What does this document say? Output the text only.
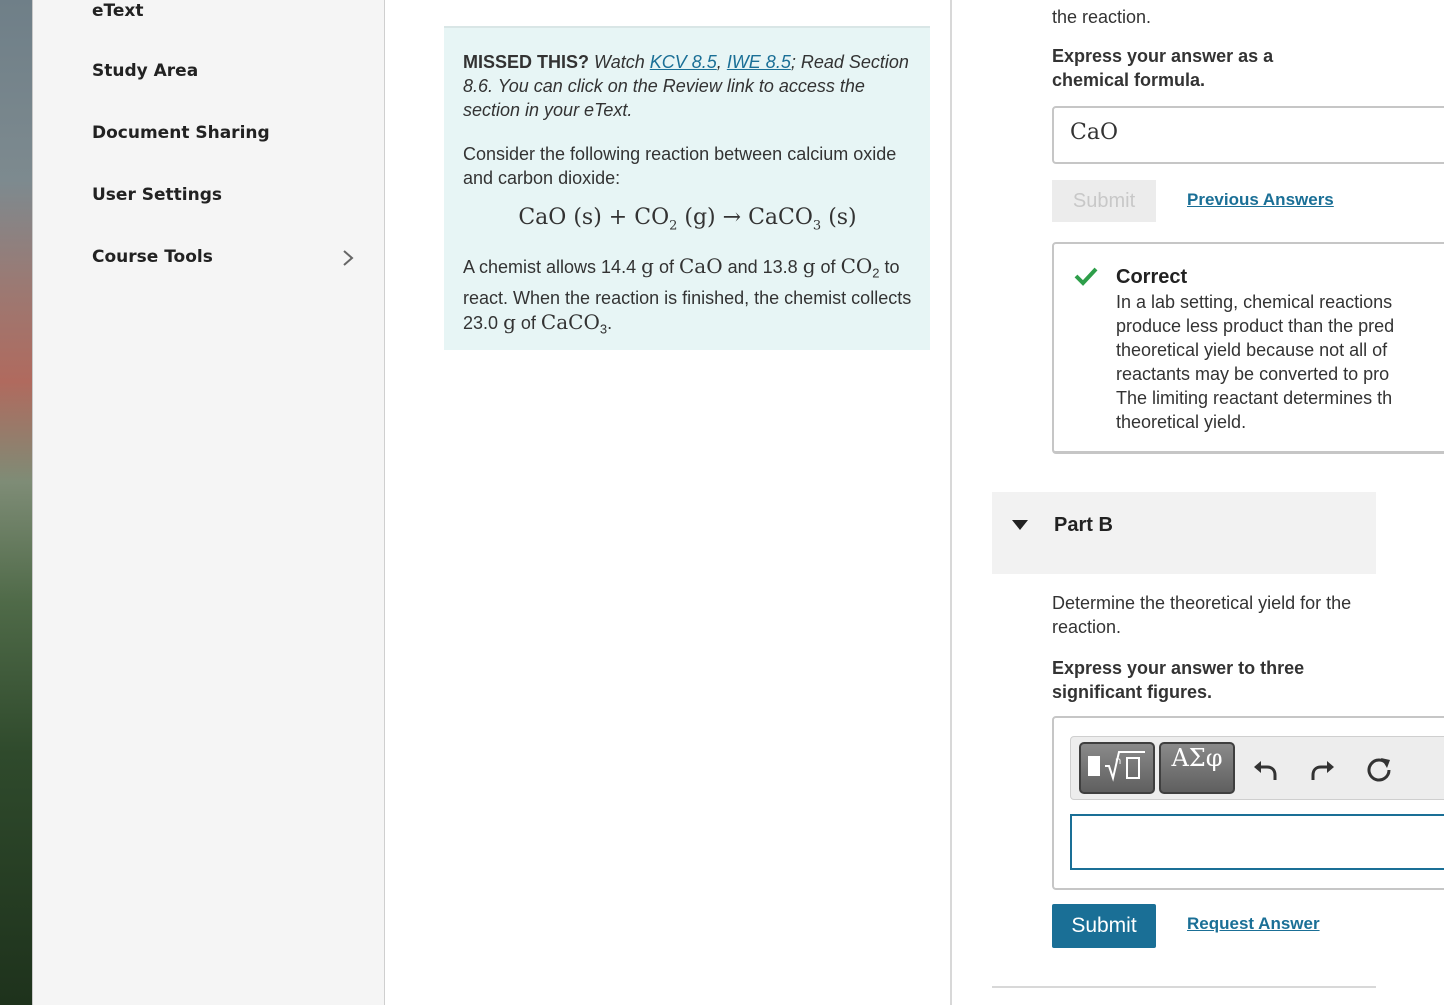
eText
Study Area
Document Sharing
User Settings
Course Tools

MISSED THIS? Watch KCV 8.5, IWE 8.5; Read Section 8.6. You can click on the Review link to access the section in your eText.

Consider the following reaction between calcium oxide and carbon dioxide:

CaO $(s) + CO_2$ (g) → CaCO$_3$ (s)

A chemist allows 14.4 g of CaO and 13.8 g of $CO_2$ to react. When the reaction is finished, the chemist collects 23.0 g of CaCO$_3$.

the reaction.
Express your answer as a chemical formula.
CaO
Submit	Previous Answers
Correct
In a lab setting, chemical reactions
produce less product than the pred
theoretical yield because not all of
reactants may be converted to pro
The limiting reactant determines th
theoretical yield.
Part B
Determine the theoretical yield for the reaction.
Express your answer to three significant figures.
n	ΑΣφ
Submit	Request Answer
